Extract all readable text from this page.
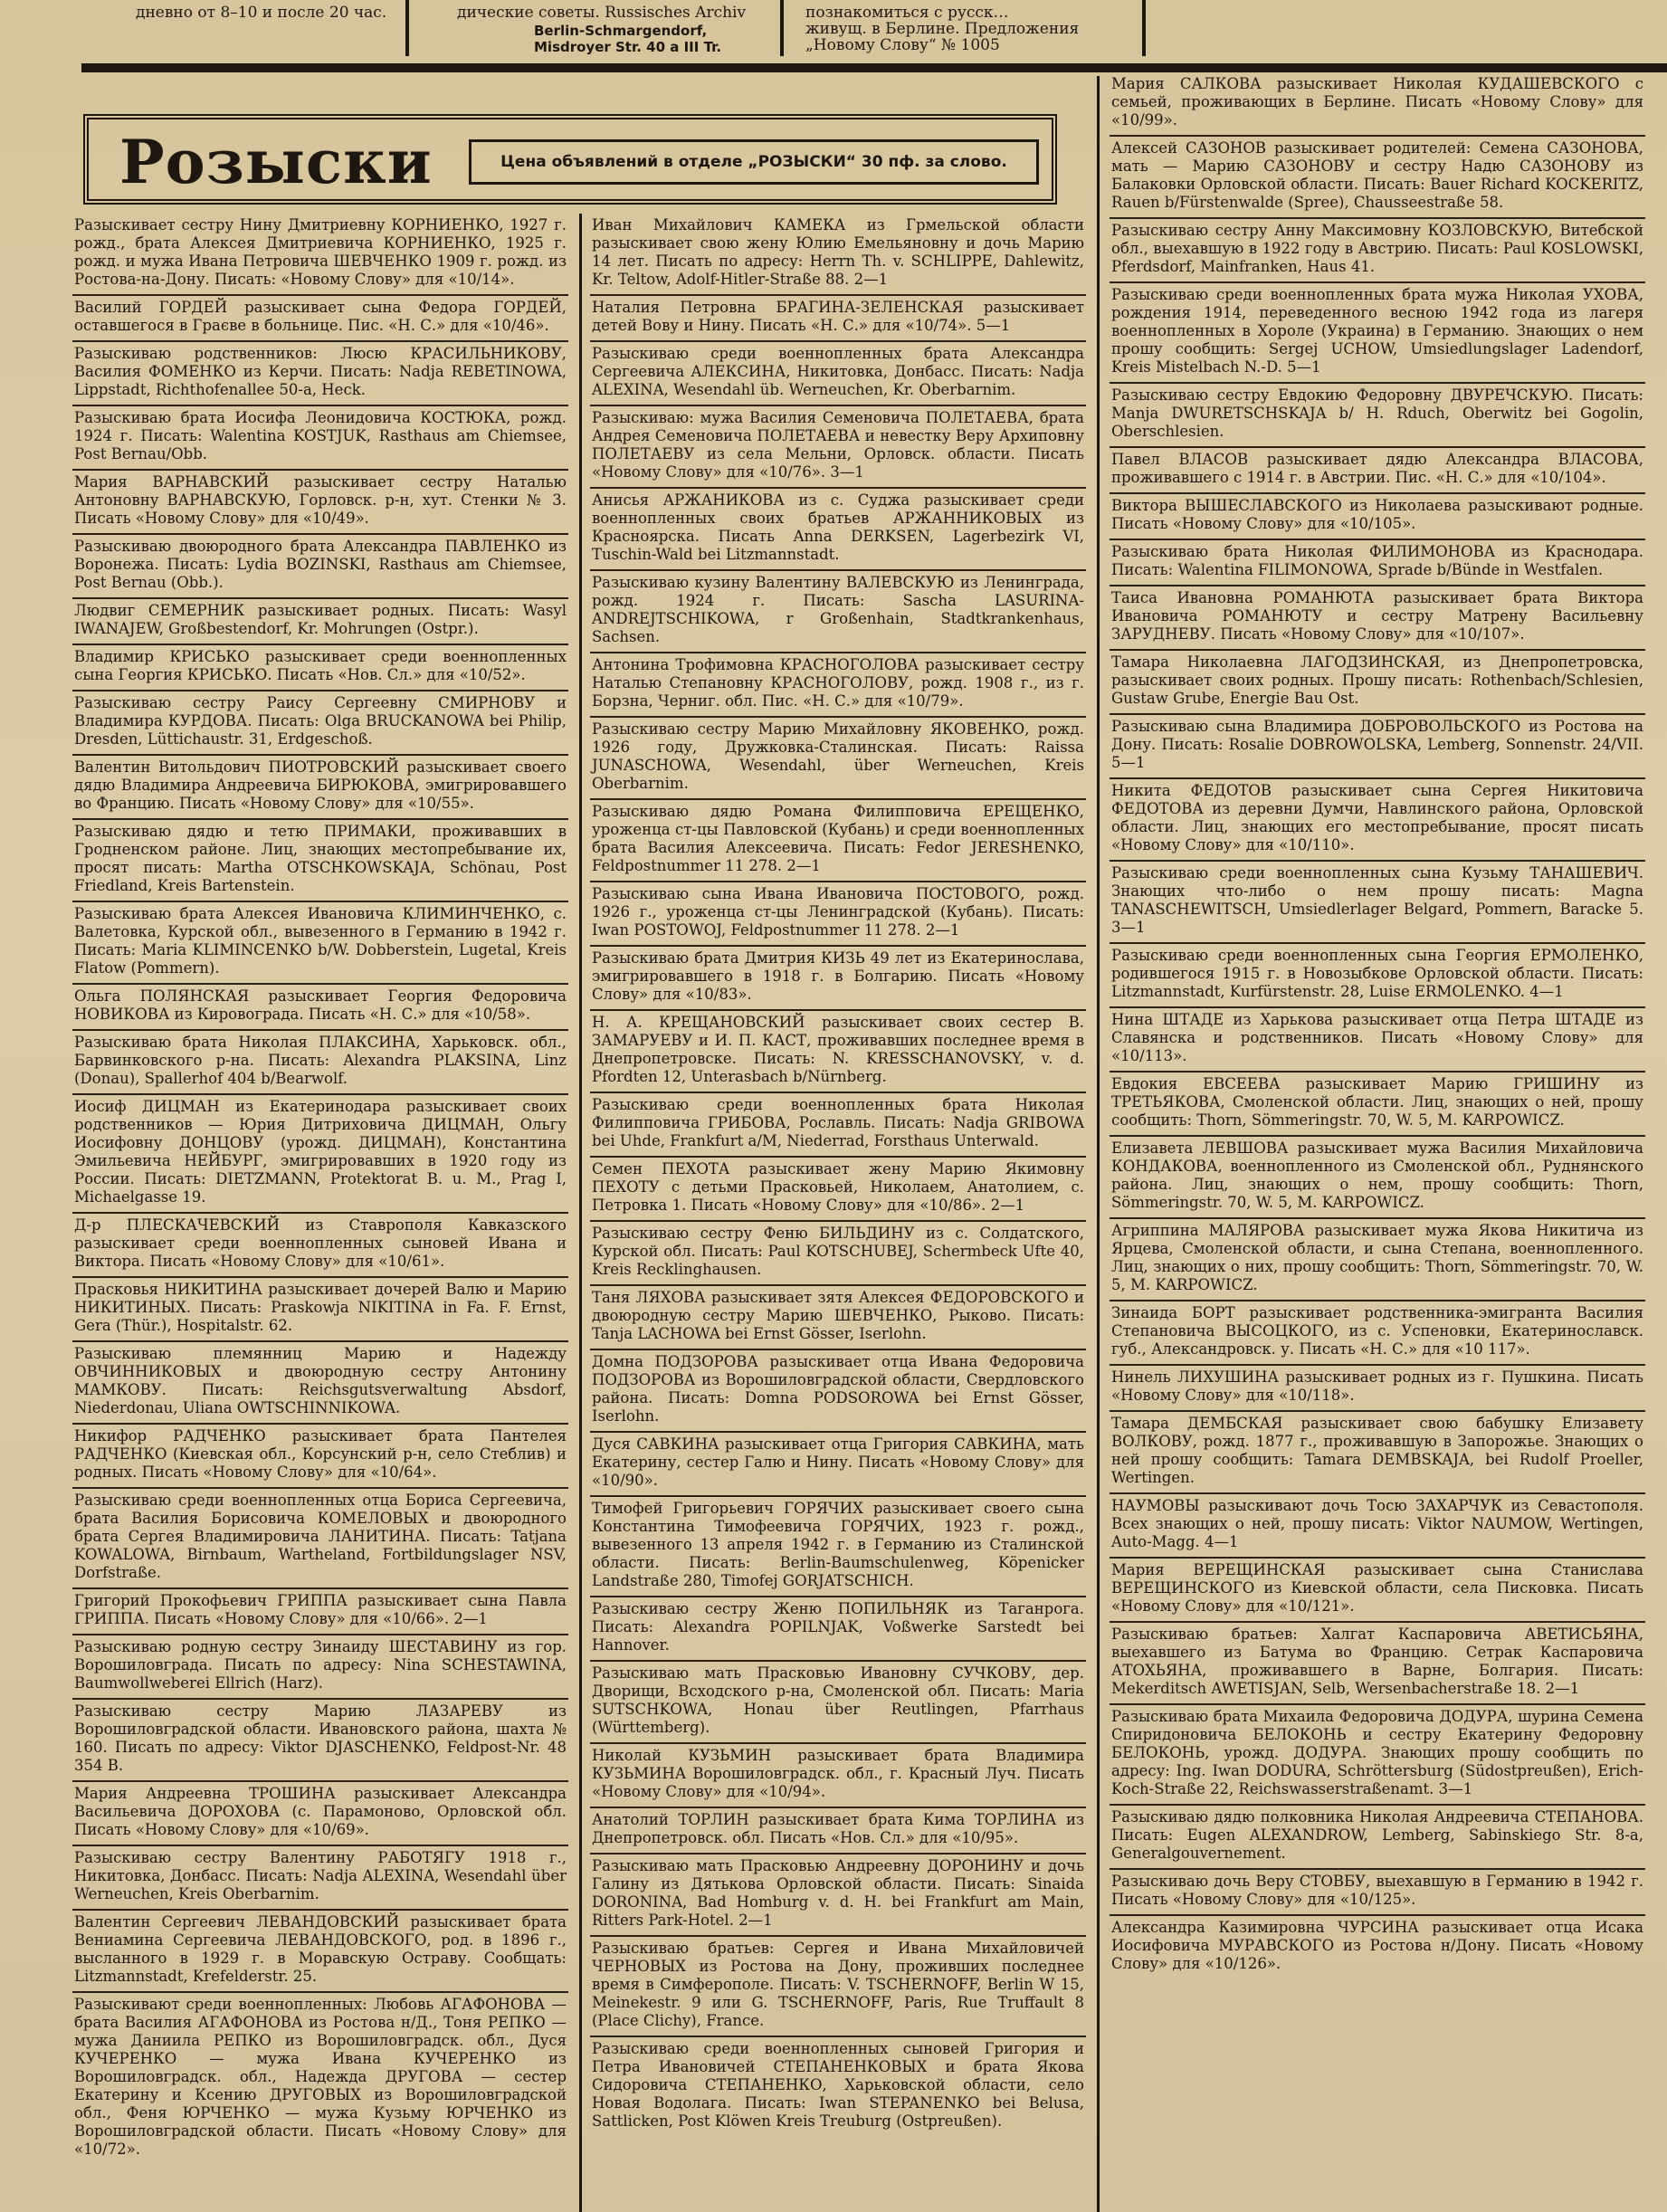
дневно от 8–10 и после 20 час.	дические советы. Russisches Archiv
Berlin-Schmargendorf,
Misdroyer Str. 40 a III Tr.
познакомиться с русск…
живущ. в Берлине. Предложения
„Новому Слову“ № 1005
Розыски	Цена объявлений в отделе „РОЗЫСКИ“ 30 пф. за слово.
Разыскивает сестру Нину Дмитриевну КОРНИЕНКО, 1927 г. рожд., брата Алексея Дмитриевича КОРНИЕНКО, 1925 г. рожд. и мужа Ивана Петровича ШЕВЧЕНКО 1909 г. рожд. из Ростова-на-Дону. Писать: «Новому Слову» для «10/14».
Василий ГОРДЕЙ разыскивает сына Федора ГОРДЕЙ, оставшегося в Граєве в больнице. Пис. «Н. С.» для «10/46».
Разыскиваю родственников: Люсю КРАСИЛЬНИКОВУ, Василия ФОМЕНКО из Керчи. Писать: Nadja REBETINOWA, Lippstadt, Richthofenallee 50-a, Heck.
Разыскиваю брата Иосифа Леонидовича КОСТЮКА, рожд. 1924 г. Писать: Walentina KOSTJUK, Rasthaus am Chiemsee, Post Bernau/Obb.
Мария ВАРНАВСКИЙ разыскивает сестру Наталью Антоновну ВАРНАВСКУЮ, Горловск. р-н, хут. Стенки № 3. Писать «Новому Слову» для «10/49».
Разыскиваю двоюродного брата Александра ПАВЛЕНКО из Воронежа. Писать: Lydia BOZINSKI, Rasthaus am Chiemsee, Post Bernau (Obb.).
Людвиг СЕМЕРНИК разыскивает родных. Писать: Wasyl IWANAJEW, Großbestendorf, Kr. Mohrungen (Ostpr.).
Владимир КРИСЬКО разыскивает среди военнопленных сына Георгия КРИСЬКО. Писать «Нов. Сл.» для «10/52».
Разыскиваю сестру Раису Сергеевну СМИРНОВУ и Владимира КУРДОВА. Писать: Olga BRUCKANOWA bei Philip, Dresden, Lüttichaustr. 31, Erdgeschoß.
Валентин Витольдович ПИОТРОВСКИЙ разыскивает своего дядю Владимира Андреевича БИРЮКОВА, эмигрировавшего во Францию. Писать «Новому Слову» для «10/55».
Разыскиваю дядю и тетю ПРИМАКИ, проживавших в Гродненском районе. Лиц, знающих местопребывание их, просят писать: Martha OTSCHKOWSKAJA, Schönau, Post Friedland, Kreis Bartenstein.
Разыскиваю брата Алексея Ивановича КЛИМИНЧЕНКО, с. Валетовка, Курской обл., вывезенного в Германию в 1942 г. Писать: Maria KLIMINCENKO b/W. Dobberstein, Lugetal, Kreis Flatow (Pommern).
Ольга ПОЛЯНСКАЯ разыскивает Георгия Федоровича НОВИКОВА из Кировограда. Писать «Н. С.» для «10/58».
Разыскиваю брата Николая ПЛАКСИНА, Харьковск. обл., Барвинковского р-на. Писать: Alexandra PLAKSINA, Linz (Donau), Spallerhof 404 b/Bearwolf.
Иосиф ДИЦМАН из Екатеринодара разыскивает своих родственников — Юрия Дитриховича ДИЦМАН, Ольгу Иосифовну ДОНЦОВУ (урожд. ДИЦМАН), Константина Эмильевича НЕЙБУРГ, эмигрировавших в 1920 году из России. Писать: DIETZMANN, Protektorat B. u. M., Prag I, Michaelgasse 19.
Д-р ПЛЕСКАЧЕВСКИЙ из Ставрополя Кавказского разыскивает среди военнопленных сыновей Ивана и Виктора. Писать «Новому Слову» для «10/61».
Прасковья НИКИТИНА разыскивает дочерей Валю и Марию НИКИТИНЫХ. Писать: Praskowja NIKITINA in Fa. F. Ernst, Gera (Thür.), Hospitalstr. 62.
Разыскиваю племянниц Марию и Надежду ОВЧИННИКОВЫХ и двоюродную сестру Антонину МАМКОВУ. Писать: Reichsgutsverwaltung Absdorf, Niederdonau, Uliana OWTSCHINNIKOWA.
Никифор РАДЧЕНКО разыскивает брата Пантелея РАДЧЕНКО (Киевская обл., Корсунский р-н, село Стеблив) и родных. Писать «Новому Слову» для «10/64».
Разыскиваю среди военнопленных отца Бориса Сергеевича, брата Василия Борисовича КОМЕЛОВЫХ и двоюродного брата Сергея Владимировича ЛАНИТИНА. Писать: Tatjana KOWALOWA, Birnbaum, Wartheland, Fortbildungslager NSV, Dorfstraße.
Григорий Прокофьевич ГРИППА разыскивает сына Павла ГРИППА. Писать «Новому Слову» для «10/66». 2—1
Разыскиваю родную сестру Зинаиду ШЕСТАВИНУ из гор. Ворошиловграда. Писать по адресу: Nina SCHESTAWINA, Baumwollweberei Ellrich (Harz).
Разыскиваю сестру Марию ЛАЗАРЕВУ из Ворошиловградской области. Ивановского района, шахта № 160. Писать по адресу: Viktor DJASCHENKO, Feldpost-Nr. 48 354 B.
Мария Андреевна ТРОШИНА разыскивает Александра Васильевича ДОРОХОВА (с. Парамоново, Орловской обл. Писать «Новому Слову» для «10/69».
Разыскиваю сестру Валентину РАБОТЯГУ 1918 г., Никитовка, Донбасс. Писать: Nadja ALEXINA, Wesendahl über Werneuchen, Kreis Oberbarnim.
Валентин Сергеевич ЛЕВАНДОВСКИЙ разыскивает брата Вениамина Сергеевича ЛЕВАНДОВСКОГО, род. в 1896 г., высланного в 1929 г. в Моравскую Остраву. Сообщать: Litzmannstadt, Krefelderstr. 25.
Разыскивают среди военнопленных: Любовь АГАФОНОВА — брата Василия АГАФОНОВА из Ростова н/Д., Тоня РЕПКО — мужа Даниила РЕПКО из Ворошиловградск. обл., Дуся КУЧЕРЕНКО — мужа Ивана КУЧЕРЕНКО из Ворошиловградск. обл., Надежда ДРУГОВА — сестер Екатерину и Ксению ДРУГОВЫХ из Ворошиловградской обл., Феня ЮРЧЕНКО — мужа Кузьму ЮРЧЕНКО из Ворошиловградской области. Писать «Новому Слову» для «10/72».
Иван Михайлович КАМЕКА из Грмельской области разыскивает свою жену Юлию Емельяновну и дочь Марию 14 лет. Писать по адресу: Herrn Th. v. SCHLIPPE, Dahlewitz, Kr. Teltow, Adolf-Hitler-Straße 88. 2—1
Наталия Петровна БРАГИНА-ЗЕЛЕНСКАЯ разыскивает детей Вову и Нину. Писать «Н. С.» для «10/74». 5—1
Разыскиваю среди военнопленных брата Александра Сергеевича АЛЕКСИНА, Никитовка, Донбасс. Писать: Nadja ALEXINA, Wesendahl üb. Werneuchen, Kr. Oberbarnim.
Разыскиваю: мужа Василия Семеновича ПОЛЕТАЕВА, брата Андрея Семеновича ПОЛЕТАЕВА и невестку Веру Архиповну ПОЛЕТАЕВУ из села Мельни, Орловск. области. Писать «Новому Слову» для «10/76». 3—1
Анисья АРЖАНИКОВА из с. Суджа разыскивает среди военнопленных своих братьев АРЖАННИКОВЫХ из Красноярска. Писать Anna DERKSEN, Lagerbezirk VI, Tuschin-Wald bei Litzmannstadt.
Разыскиваю кузину Валентину ВАЛЕВСКУЮ из Ленинграда, рожд. 1924 г. Писать: Sascha LASURINA-ANDREJTSCHIKOWA, r Großenhain, Stadtkrankenhaus, Sachsen.
Антонина Трофимовна КРАСНОГОЛОВА разыскивает сестру Наталью Степановну КРАСНОГОЛОВУ, рожд. 1908 г., из г. Борзна, Черниг. обл. Пис. «Н. С.» для «10/79».
Разыскиваю сестру Марию Михайловну ЯКОВЕНКО, рожд. 1926 году, Дружковка-Сталинская. Писать: Raissa JUNASCHOWA, Wesendahl, über Werneuchen, Kreis Oberbarnim.
Разыскиваю дядю Романа Филипповича ЕРЕЩЕНКО, уроженца ст-цы Павловской (Кубань) и среди военнопленных брата Василия Алексеевича. Писать: Fedor JERESHENKO, Feldpostnummer 11 278. 2—1
Разыскиваю сына Ивана Ивановича ПОСТОВОГО, рожд. 1926 г., уроженца ст-цы Ленинградской (Кубань). Писать: Iwan POSTOWOJ, Feldpostnummer 11 278. 2—1
Разыскиваю брата Дмитрия КИЗЬ 49 лет из Екатеринослава, эмигрировавшего в 1918 г. в Болгарию. Писать «Новому Слову» для «10/83».
Н. А. КРЕЩАНОВСКИЙ разыскивает своих сестер В. ЗАМАРУЕВУ и И. П. КАСТ, проживавших последнее время в Днепропетровске. Писать: N. KRESSCHANOVSKY, v. d. Pfordten 12, Unterasbach b/Nürnberg.
Разыскиваю среди военнопленных брата Николая Филипповича ГРИБОВА, Рославль. Писать: Nadja GRIBOWA bei Uhde, Frankfurt a/M, Niederrad, Forsthaus Unterwald.
Семен ПЕХОТА разыскивает жену Марию Якимовну ПЕХОТУ с детьми Прасковьей, Николаем, Анатолием, с. Петровка 1. Писать «Новому Слову» для «10/86». 2—1
Разыскиваю сестру Феню БИЛЬДИНУ из с. Солдатского, Курской обл. Писать: Paul KOTSCHUBEJ, Schermbeck Ufte 40, Kreis Recklinghausen.
Таня ЛЯХОВА разыскивает зятя Алексея ФЕДОРОВСКОГО и двоюродную сестру Марию ШЕВЧЕНКО, Рыково. Писать: Tanja LACHOWA bei Ernst Gösser, Iserlohn.
Домна ПОДЗОРОВА разыскивает отца Ивана Федоровича ПОДЗОРОВА из Ворошиловградской области, Свердловского района. Писать: Domna PODSOROWA bei Ernst Gösser, Iserlohn.
Дуся САВКИНА разыскивает отца Григория САВКИНА, мать Екатерину, сестер Галю и Нину. Писать «Новому Слову» для «10/90».
Тимофей Григорьевич ГОРЯЧИХ разыскивает своего сына Константина Тимофеевича ГОРЯЧИХ, 1923 г. рожд., вывезенного 13 апреля 1942 г. в Германию из Сталинской области. Писать: Berlin-Baumschulenweg, Köpenicker Landstraße 280, Timofej GORJATSCHICH.
Разыскиваю сестру Женю ПОПИЛЬНЯК из Таганрога. Писать: Alexandra POPILNJAK, Voßwerke Sarstedt bei Hannover.
Разыскиваю мать Прасковью Ивановну СУЧКОВУ, дер. Дворищи, Всходского р-на, Смоленской обл. Писать: Maria SUTSCHKOWA, Honau über Reutlingen, Pfarrhaus (Württemberg).
Николай КУЗЬМИН разыскивает брата Владимира КУЗЬМИНА Ворошиловградск. обл., г. Красный Луч. Писать «Новому Слову» для «10/94».
Анатолий ТОРЛИН разыскивает брата Кима ТОРЛИНА из Днепропетровск. обл. Писать «Нов. Сл.» для «10/95».
Разыскиваю мать Прасковью Андреевну ДОРОНИНУ и дочь Галину из Дятькова Орловской области. Писать: Sinaida DORONINA, Bad Homburg v. d. H. bei Frankfurt am Main, Ritters Park-Hotel. 2—1
Разыскиваю братьев: Сергея и Ивана Михайловичей ЧЕРНОВЫХ из Ростова на Дону, проживших последнее время в Симферополе. Писать: V. TSCHERNOFF, Berlin W 15, Meinekestr. 9 или G. TSCHERNOFF, Paris, Rue Truffault 8 (Place Clichy), France.
Разыскиваю среди военнопленных сыновей Григория и Петра Ивановичей СТЕПАНЕНКОВЫХ и брата Якова Сидоровича СТЕПАНЕНКО, Харьковской области, село Новая Водолага. Писать: Iwan STEPANENKO bei Belusa, Sattlicken, Post Klöwen Kreis Treuburg (Ostpreußen).
Мария САЛКОВА разыскивает Николая КУДАШЕВСКОГО с семьей, проживающих в Берлине. Писать «Новому Слову» для «10/99».
Алексей САЗОНОВ разыскивает родителей: Семена САЗОНОВА, мать — Марию САЗОНОВУ и сестру Надю САЗОНОВУ из Балаковки Орловской области. Писать: Bauer Richard KOCKERITZ, Rauen b/Fürstenwalde (Spree), Chausseestraße 58.
Разыскиваю сестру Анну Максимовну КОЗЛОВСКУЮ, Витебской обл., выехавшую в 1922 году в Австрию. Писать: Paul KOSLOWSKI, Pferdsdorf, Mainfranken, Haus 41.
Разыскиваю среди военнопленных брата мужа Николая УХОВА, рождения 1914, переведенного весною 1942 года из лагеря военнопленных в Хороле (Украина) в Германию. Знающих о нем прошу сообщить: Sergej UCHOW, Umsiedlungslager Ladendorf, Kreis Mistelbach N.-D. 5—1
Разыскиваю сестру Евдокию Федоровну ДВУРЕЧСКУЮ. Писать: Manja DWURETSCHSKAJA b/ H. Rduch, Oberwitz bei Gogolin, Oberschlesien.
Павел ВЛАСОВ разыскивает дядю Александра ВЛАСОВА, проживавшего с 1914 г. в Австрии. Пис. «Н. С.» для «10/104».
Виктора ВЫШЕСЛАВСКОГО из Николаева разыскивают родные. Писать «Новому Слову» для «10/105».
Разыскиваю брата Николая ФИЛИМОНОВА из Краснодара. Писать: Walentina FILIMONOWA, Sprade b/Bünde in Westfalen.
Таиса Ивановна РОМАНЮТА разыскивает брата Виктора Ивановича РОМАНЮТУ и сестру Матрену Васильевну ЗАРУДНЕВУ. Писать «Новому Слову» для «10/107».
Тамара Николаевна ЛАГОДЗИНСКАЯ, из Днепропетровска, разыскивает своих родных. Прошу писать: Rothenbach/Schlesien, Gustaw Grube, Energie Bau Ost.
Разыскиваю сына Владимира ДОБРОВОЛЬСКОГО из Ростова на Дону. Писать: Rosalie DOBROWOLSKA, Lemberg, Sonnenstr. 24/VII. 5—1
Никита ФЕДОТОВ разыскивает сына Сергея Никитовича ФЕДОТОВА из деревни Думчи, Навлинского района, Орловской области. Лиц, знающих его местопребывание, просят писать «Новому Слову» для «10/110».
Разыскиваю среди военнопленных сына Кузьму ТАНАШЕВИЧ. Знающих что-либо о нем прошу писать: Magna TANASCHEWITSCH, Umsiedlerlager Belgard, Pommern, Baracke 5. 3—1
Разыскиваю среди военнопленных сына Георгия ЕРМОЛЕНКО, родившегося 1915 г. в Новозыбкове Орловской области. Писать: Litzmannstadt, Kurfürstenstr. 28, Luise ERMOLENKO. 4—1
Нина ШТАДЕ из Харькова разыскивает отца Петра ШТАДЕ из Славянска и родственников. Писать «Новому Слову» для «10/113».
Евдокия ЕВСЕЕВА разыскивает Марию ГРИШИНУ из ТРЕТЬЯКОВА, Смоленской области. Лиц, знающих о ней, прошу сообщить: Thorn, Sömmeringstr. 70, W. 5, M. KARPOWICZ.
Елизавета ЛЕВШОВА разыскивает мужа Василия Михайловича КОНДАКОВА, военнопленного из Смоленской обл., Руднянского района. Лиц, знающих о нем, прошу сообщить: Thorn, Sömmeringstr. 70, W. 5, M. KARPOWICZ.
Агриппина МАЛЯРОВА разыскивает мужа Якова Никитича из Ярцева, Смоленской области, и сына Степана, военнопленного. Лиц, знающих о них, прошу сообщить: Thorn, Sömmeringstr. 70, W. 5, M. KARPOWICZ.
Зинаида БОРТ разыскивает родственника-эмигранта Василия Степановича ВЫСОЦКОГО, из с. Успеновки, Екатеринославск. губ., Александровск. у. Писать «Н. С.» для «10 117».
Нинель ЛИХУШИНА разыскивает родных из г. Пушкина. Писать «Новому Слову» для «10/118».
Тамара ДЕМБСКАЯ разыскивает свою бабушку Елизавету ВОЛКОВУ, рожд. 1877 г., проживавшую в Запорожье. Знающих о ней прошу сообщить: Tamara DEMBSKAJA, bei Rudolf Proeller, Wertingen.
НАУМОВЫ разыскивают дочь Тосю ЗАХАРЧУК из Севастополя. Всех знающих о ней, прошу писать: Viktor NAUMOW, Wertingen, Auto-Magg. 4—1
Мария ВЕРЕЩИНСКАЯ разыскивает сына Станислава ВЕРЕЩИНСКОГО из Киевской области, села Писковка. Писать «Новому Слову» для «10/121».
Разыскиваю братьев: Халгат Каспаровича АВЕТИСЬЯНА, выехавшего из Батума во Францию. Сетрак Каспаровича АТОХЬЯНА, проживавшего в Варне, Болгария. Писать: Mekerditsch AWETISJAN, Selb, Wersenbacherstraße 18. 2—1
Разыскиваю брата Михаила Федоровича ДОДУРА, шурина Семена Спиридоновича БЕЛОКОНЬ и сестру Екатерину Федоровну БЕЛОКОНЬ, урожд. ДОДУРА. Знающих прошу сообщить по адресу: Ing. Iwan DODURA, Schröttersburg (Südostpreußen), Erich-Koch-Straße 22, Reichswasserstraßenamt. 3—1
Разыскиваю дядю полковника Николая Андреевича СТЕПАНОВА. Писать: Eugen ALEXANDROW, Lemberg, Sabinskiego Str. 8-a, Generalgouvernement.
Разыскиваю дочь Веру СТОВБУ, выехавшую в Германию в 1942 г. Писать «Новому Слову» для «10/125».
Александра Казимировна ЧУРСИНА разыскивает отца Исака Иосифовича МУРАВСКОГО из Ростова н/Дону. Писать «Новому Слову» для «10/126».
